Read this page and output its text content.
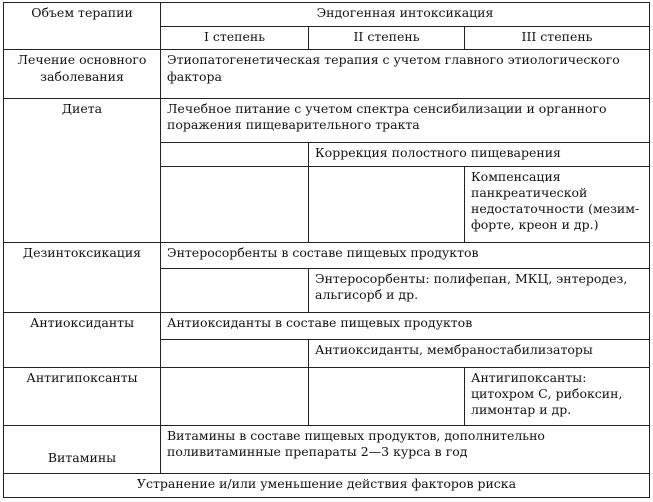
Объем терапии	Эндогенная интоксикация		
	I степень	II степень	III степень
Лечение основного заболевания	Этиопатогенетическая терапия с учетом главного этиологического фактора		
Диета	Лечебное питание с учетом спектра сенсибилизации и органного поражения пищеварительного тракта		
		Коррекция полостного пищеварения	
			Компенсация панкреатической недостаточности (мезим-форте, креон и др.)
Дезинтоксикация	Энтеросорбенты в составе пищевых продуктов		
		Энтеросорбенты: полифепан, МКЦ, энтеродез, альгисорб и др.	
Антиоксиданты	Антиоксиданты в составе пищевых продуктов		
		Антиоксиданты, мембраностабилизаторы	
Антигипоксанты			Антигипоксанты: цитохром С, рибоксин, лимонтар и др.
Витамины	Витамины в составе пищевых продуктов, дополнительно поливитаминные препараты 2—3 курса в год		
Устранение и/или уменьшение действия факторов риска			
